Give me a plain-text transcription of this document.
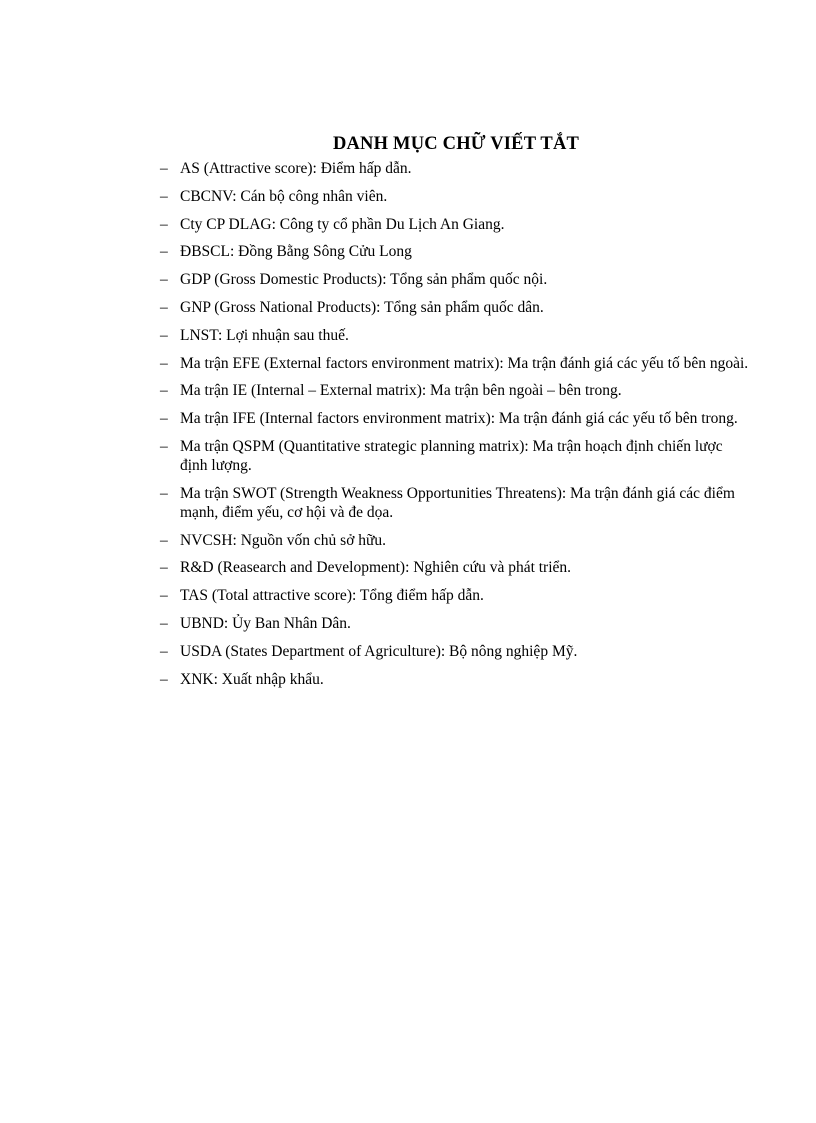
DANH MỤC CHỮ VIẾT TẮT
– AS (Attractive score): Điểm hấp dẫn.
– CBCNV: Cán bộ công nhân viên.
– Cty CP DLAG: Công ty cổ phần Du Lịch An Giang.
– ĐBSCL: Đồng Bằng Sông Cửu Long
– GDP (Gross Domestic Products): Tổng sản phẩm quốc nội.
– GNP (Gross National Products): Tổng sản phẩm quốc dân.
– LNST: Lợi nhuận sau thuế.
– Ma trận EFE (External factors environment matrix): Ma trận đánh giá các yếu tố bên ngoài.
– Ma trận IE (Internal – External matrix): Ma trận bên ngoài – bên trong.
– Ma trận IFE (Internal factors environment matrix): Ma trận đánh giá các yếu tố bên trong.
– Ma trận QSPM (Quantitative strategic planning matrix): Ma trận hoạch định chiến lược định lượng.
– Ma trận SWOT (Strength Weakness Opportunities Threatens): Ma trận đánh giá các điểm mạnh, điểm yếu, cơ hội và đe dọa.
– NVCSH: Nguồn vốn chủ sở hữu.
– R&D (Reasearch and Development): Nghiên cứu và phát triển.
– TAS (Total attractive score): Tổng điểm hấp dẫn.
– UBND: Ủy Ban Nhân Dân.
– USDA (States Department of Agriculture): Bộ nông nghiệp Mỹ.
– XNK: Xuất nhập khẩu.
